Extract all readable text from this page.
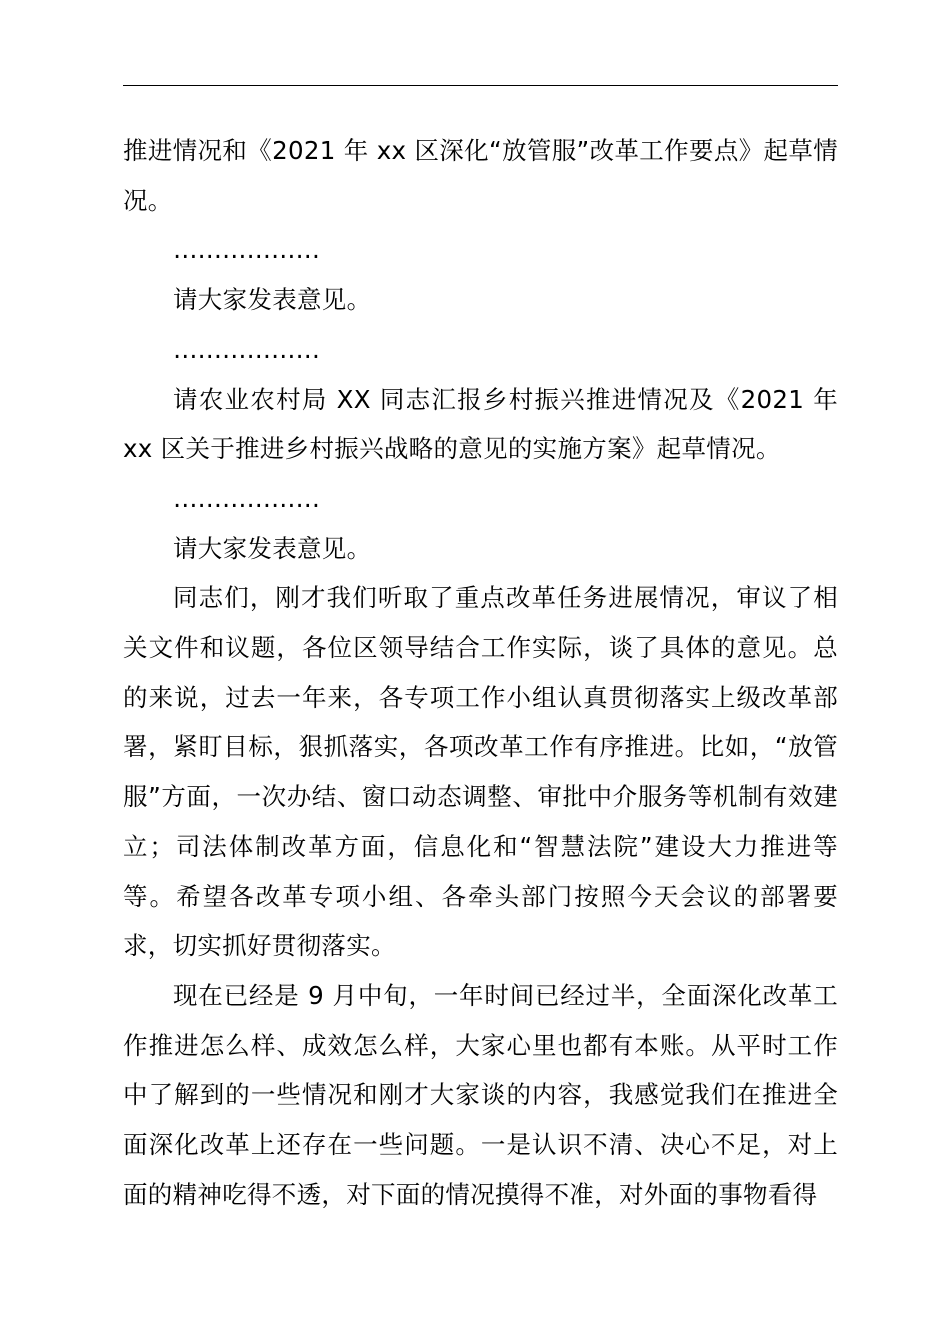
推进情况和《2021 年 xx 区深化“放管服”改革工作要点》起草情况。

………………

请大家发表意见。

………………

请农业农村局 XX 同志汇报乡村振兴推进情况及《2021 年 xx 区关于推进乡村振兴战略的意见的实施方案》起草情况。

………………

请大家发表意见。

同志们，刚才我们听取了重点改革任务进展情况，审议了相关文件和议题，各位区领导结合工作实际，谈了具体的意见。总的来说，过去一年来，各专项工作小组认真贯彻落实上级改革部署，紧盯目标，狠抓落实，各项改革工作有序推进。比如，“放管服”方面，一次办结、窗口动态调整、审批中介服务等机制有效建立；司法体制改革方面，信息化和“智慧法院”建设大力推进等等。希望各改革专项小组、各牵头部门按照今天会议的部署要求，切实抓好贯彻落实。

现在已经是 9 月中旬，一年时间已经过半，全面深化改革工作推进怎么样、成效怎么样，大家心里也都有本账。从平时工作中了解到的一些情况和刚才大家谈的内容，我感觉我们在推进全面深化改革上还存在一些问题。一是认识不清、决心不足，对上面的精神吃得不透，对下面的情况摸得不准，对外面的事物看得
